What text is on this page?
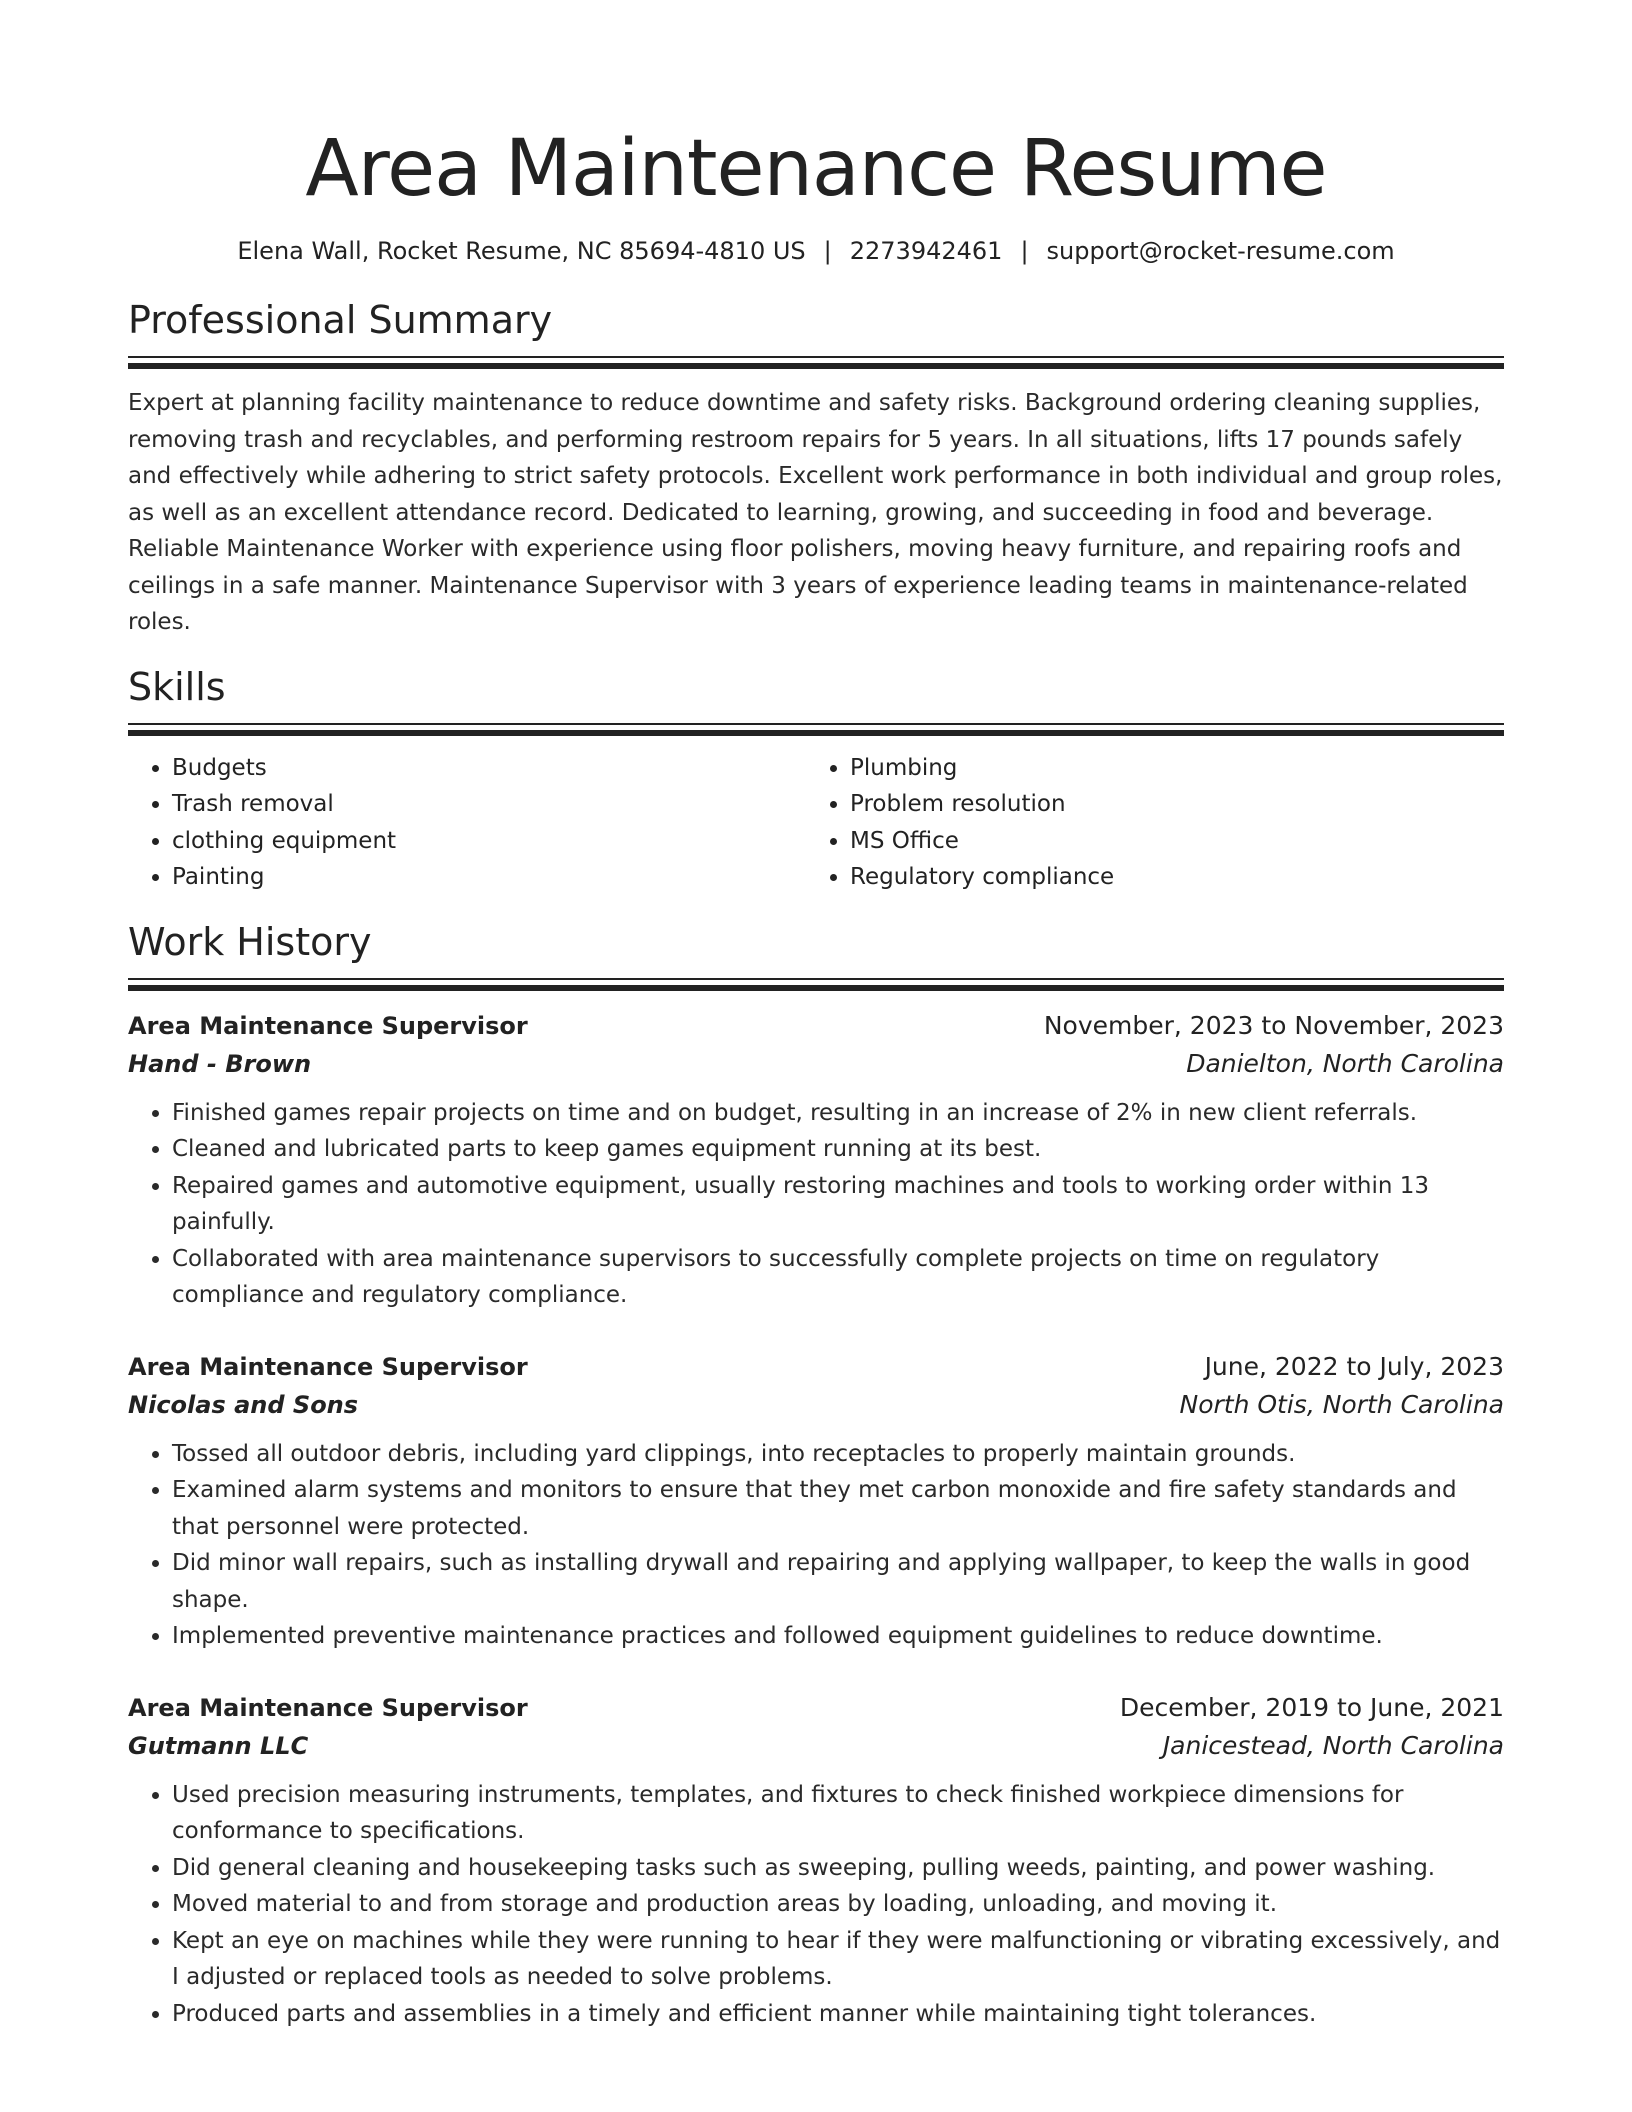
Area Maintenance Resume
Elena Wall, Rocket Resume, NC 85694-4810 US | 2273942461 | support@rocket-resume.com
Professional Summary
Expert at planning facility maintenance to reduce downtime and safety risks. Background ordering cleaning supplies, removing trash and recyclables, and performing restroom repairs for 5 years. In all situations, lifts 17 pounds safely and effectively while adhering to strict safety protocols. Excellent work performance in both individual and group roles, as well as an excellent attendance record. Dedicated to learning, growing, and succeeding in food and beverage. Reliable Maintenance Worker with experience using floor polishers, moving heavy furniture, and repairing roofs and ceilings in a safe manner. Maintenance Supervisor with 3 years of experience leading teams in maintenance-related roles.
Skills
• Budgets
• Trash removal
• clothing equipment
• Painting
• Plumbing
• Problem resolution
• MS Office
• Regulatory compliance
Work History
Area Maintenance Supervisor	November, 2023 to November, 2023
Hand - Brown	Danielton, North Carolina
• Finished games repair projects on time and on budget, resulting in an increase of 2% in new client referrals.
• Cleaned and lubricated parts to keep games equipment running at its best.
• Repaired games and automotive equipment, usually restoring machines and tools to working order within 13 painfully.
• Collaborated with area maintenance supervisors to successfully complete projects on time on regulatory compliance and regulatory compliance.
Area Maintenance Supervisor	June, 2022 to July, 2023
Nicolas and Sons	North Otis, North Carolina
• Tossed all outdoor debris, including yard clippings, into receptacles to properly maintain grounds.
• Examined alarm systems and monitors to ensure that they met carbon monoxide and fire safety standards and that personnel were protected.
• Did minor wall repairs, such as installing drywall and repairing and applying wallpaper, to keep the walls in good shape.
• Implemented preventive maintenance practices and followed equipment guidelines to reduce downtime.
Area Maintenance Supervisor	December, 2019 to June, 2021
Gutmann LLC	Janicestead, North Carolina
• Used precision measuring instruments, templates, and fixtures to check finished workpiece dimensions for conformance to specifications.
• Did general cleaning and housekeeping tasks such as sweeping, pulling weeds, painting, and power washing.
• Moved material to and from storage and production areas by loading, unloading, and moving it.
• Kept an eye on machines while they were running to hear if they were malfunctioning or vibrating excessively, and I adjusted or replaced tools as needed to solve problems.
• Produced parts and assemblies in a timely and efficient manner while maintaining tight tolerances.
